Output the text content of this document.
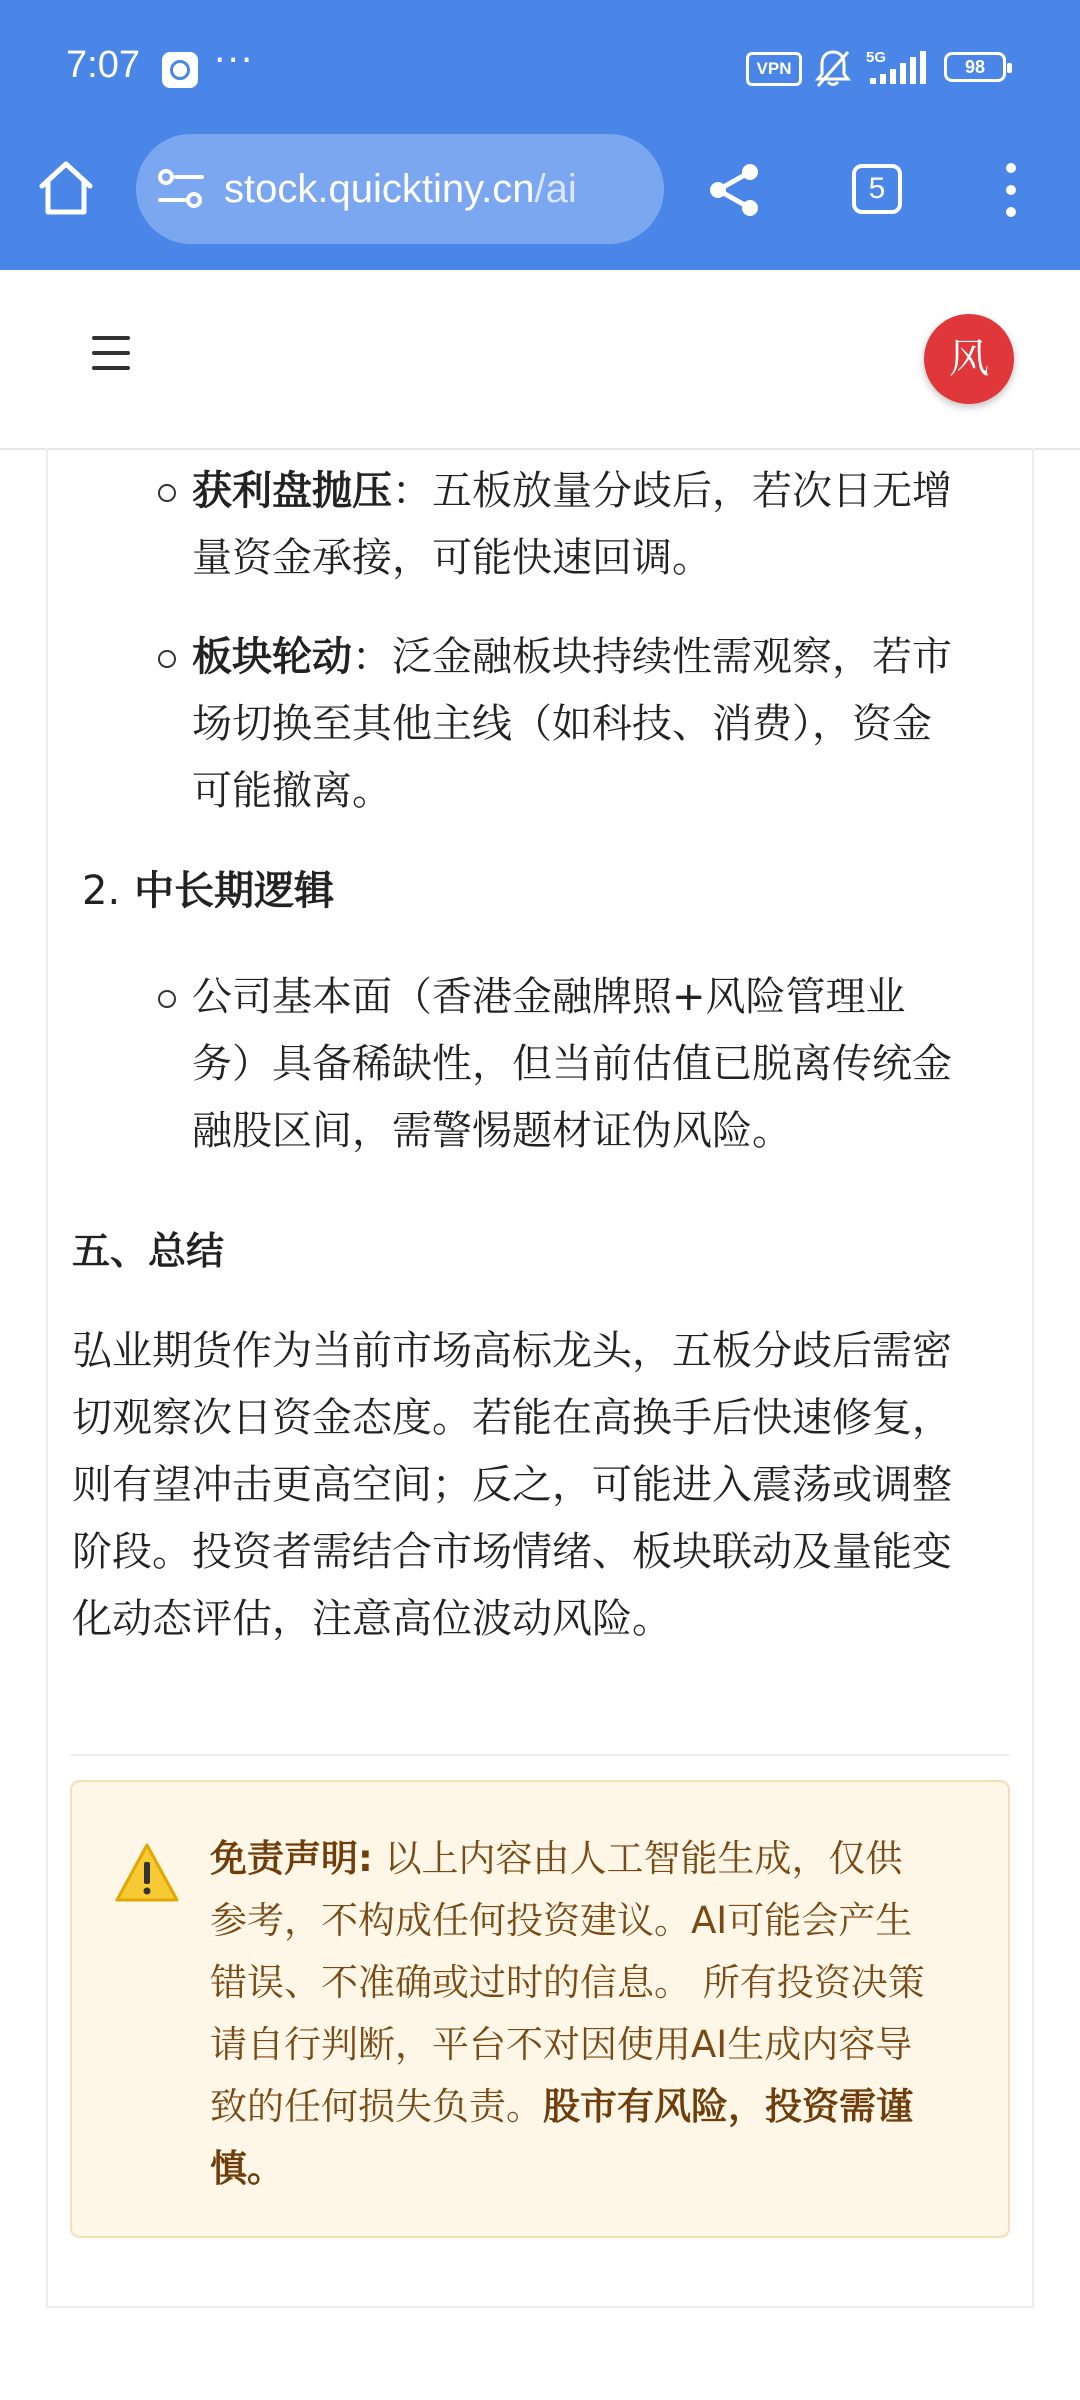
7:07 ···	VPN
5G	98
stock.quicktiny.cn/ai	5
风
获利盘抛压：五板放量分歧后，若次日无增
量资金承接，可能快速回调。
板块轮动：泛金融板块持续性需观察，若市
场切换至其他主线（如科技、消费），资金
可能撤离。
2. 中长期逻辑
公司基本面（香港金融牌照+风险管理业
务）具备稀缺性，但当前估值已脱离传统金
融股区间，需警惕题材证伪风险。
五、总结
弘业期货作为当前市场高标龙头，五板分歧后需密
切观察次日资金态度。若能在高换手后快速修复，
则有望冲击更高空间；反之，可能进入震荡或调整
阶段。投资者需结合市场情绪、板块联动及量能变
化动态评估，注意高位波动风险。
免责声明: 以上内容由人工智能生成，仅供
参考，不构成任何投资建议。AI可能会产生
错误、不准确或过时的信息。 所有投资决策
请自行判断，平台不对因使用AI生成内容导
致的任何损失负责。股市有风险，投资需谨
慎。
